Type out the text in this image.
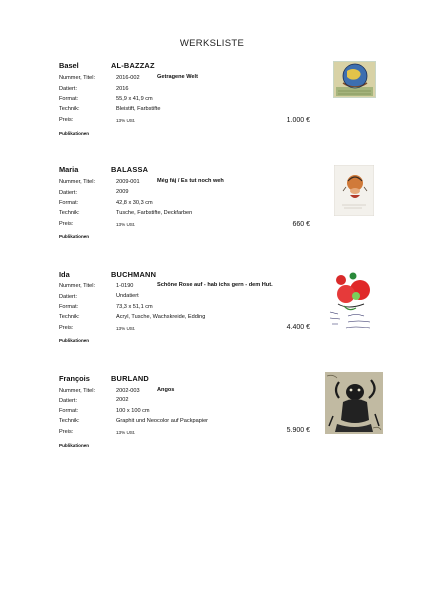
WERKSLISTE
Basel	AL-BAZZAZ
Nummer, Titel:	2016-002	Getragene Welt
Datiert:	2016
Format:	55,9 x 41,9 cm
Technik:	Bleistift, Farbstifte
Preis:	13% USt.	1.000 €
Publikationen
Maria	BALASSA
Nummer, Titel:	2009-001	Még fáj / Es tut noch weh
Datiert:	2009
Format:	42,8 x 30,3 cm
Technik:	Tusche, Farbstifte, Deckfarben
Preis:	13% USt.	660 €
Publikationen
Ida	BUCHMANN
Nummer, Titel:	1-0190	Schöne Rose auf - hab ichs gern - dem Hut.
Datiert:	Undatiert
Format:	73,3 x 51,1 cm
Technik:	Acryl, Tusche, Wachskreide, Edding
Preis:	13% USt.	4.400 €
Publikationen
François	BURLAND
Nummer, Titel:	2002-003	Angos
Datiert:	2002
Format:	100 x 100 cm
Technik:	Graphit und Neocolor auf Packpapier
Preis:	13% USt.	5.900 €
Publikationen
